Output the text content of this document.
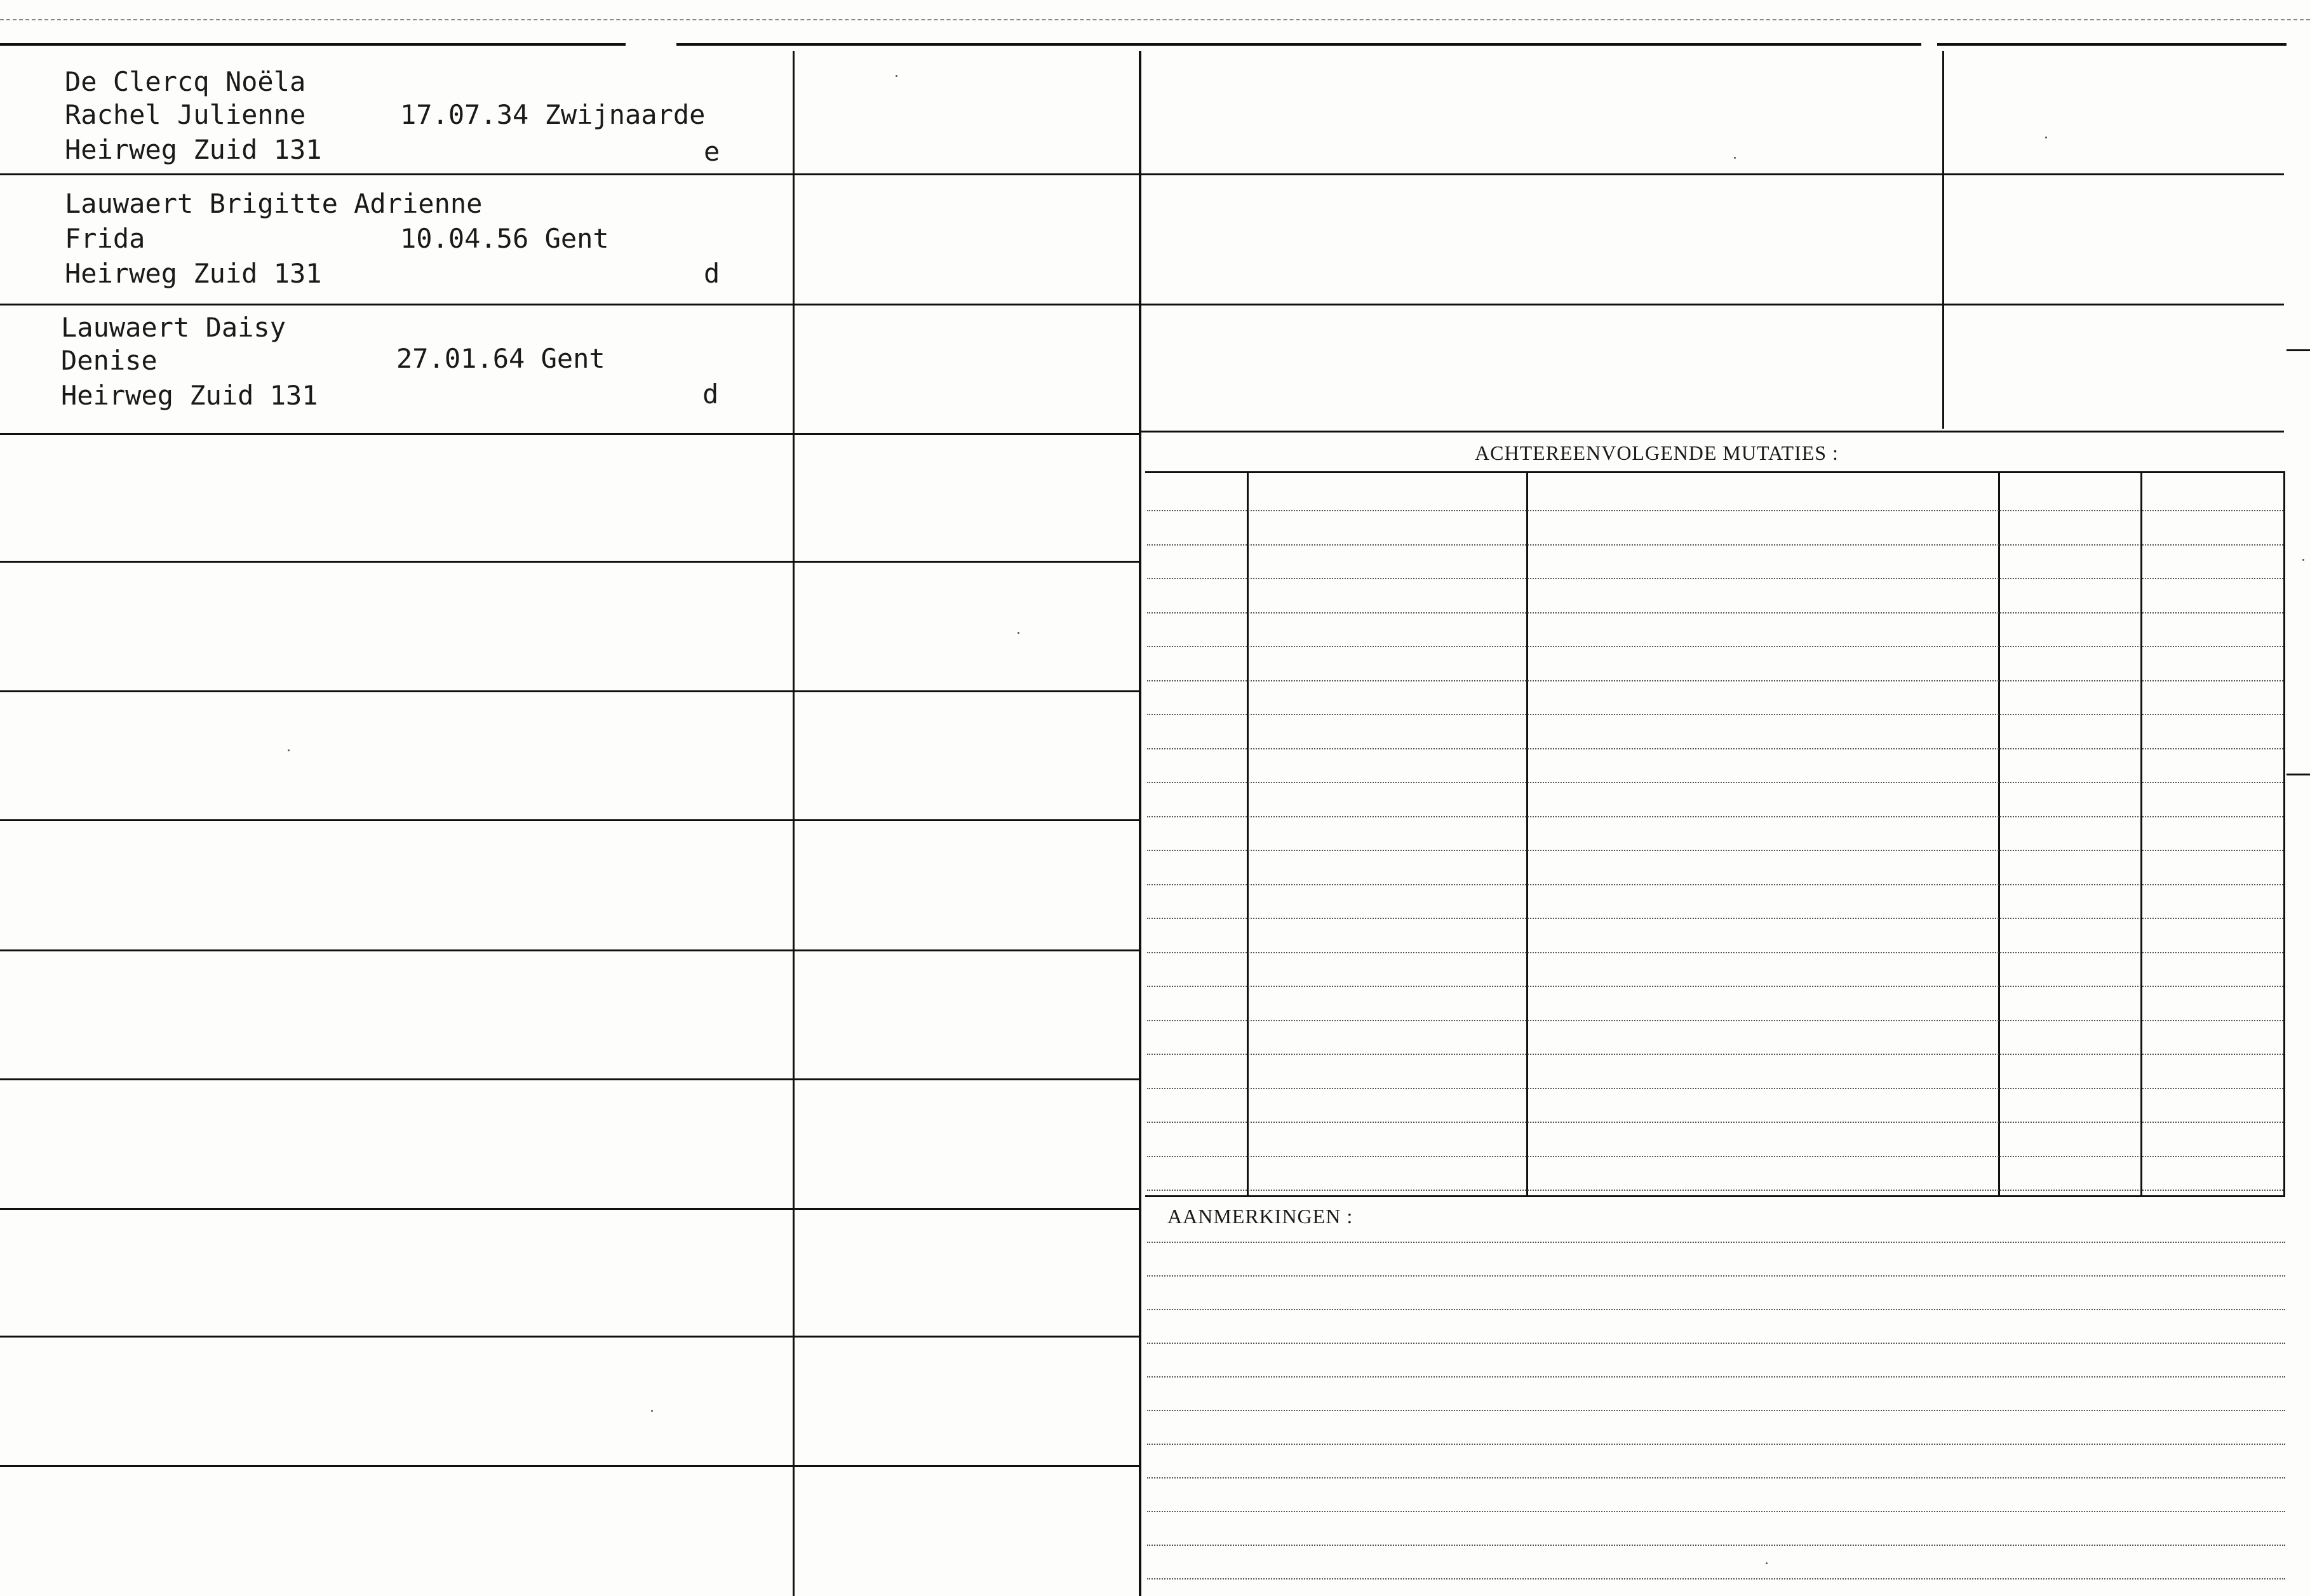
De Clercq Noëla
Rachel Julienne	17.07.34 Zwijnaarde
Heirweg Zuid 131	e
Lauwaert Brigitte Adrienne
Frida	10.04.56 Gent
Heirweg Zuid 131	d
Lauwaert Daisy
Denise	27.01.64 Gent
Heirweg Zuid 131	d
ACHTEREENVOLGENDE MUTATIES :
AANMERKINGEN :
